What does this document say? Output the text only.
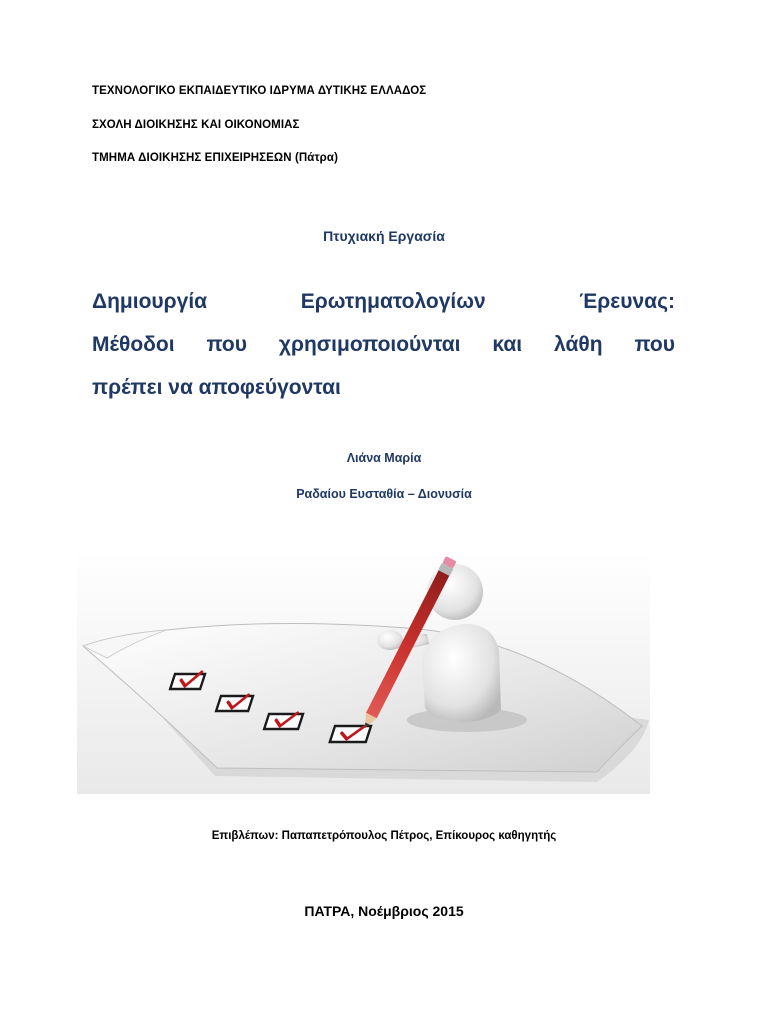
ΤΕΧΝΟΛΟΓΙΚΟ ΕΚΠΑΙΔΕΥΤΙΚΟ ΙΔΡΥΜΑ ΔΥΤΙΚΗΣ ΕΛΛΑΔΟΣ
ΣΧΟΛΗ ΔΙΟΙΚΗΣΗΣ ΚΑΙ ΟΙΚΟΝΟΜΙΑΣ
ΤΜΗΜΑ ΔΙΟΙΚΗΣΗΣ ΕΠΙΧΕΙΡΗΣΕΩΝ (Πάτρα)
Πτυχιακή Εργασία
Δημιουργία Ερωτηματολογίων Έρευνας:
Μέθοδοι που χρησιμοποιούνται και λάθη που
πρέπει να αποφεύγονται
Λιάνα Μαρία
Ραδαίου Ευσταθία – Διονυσία
Επιβλέπων: Παπαπετρόπουλος Πέτρος, Επίκουρος καθηγητής
ΠΑΤΡΑ, Νοέμβριος 2015
